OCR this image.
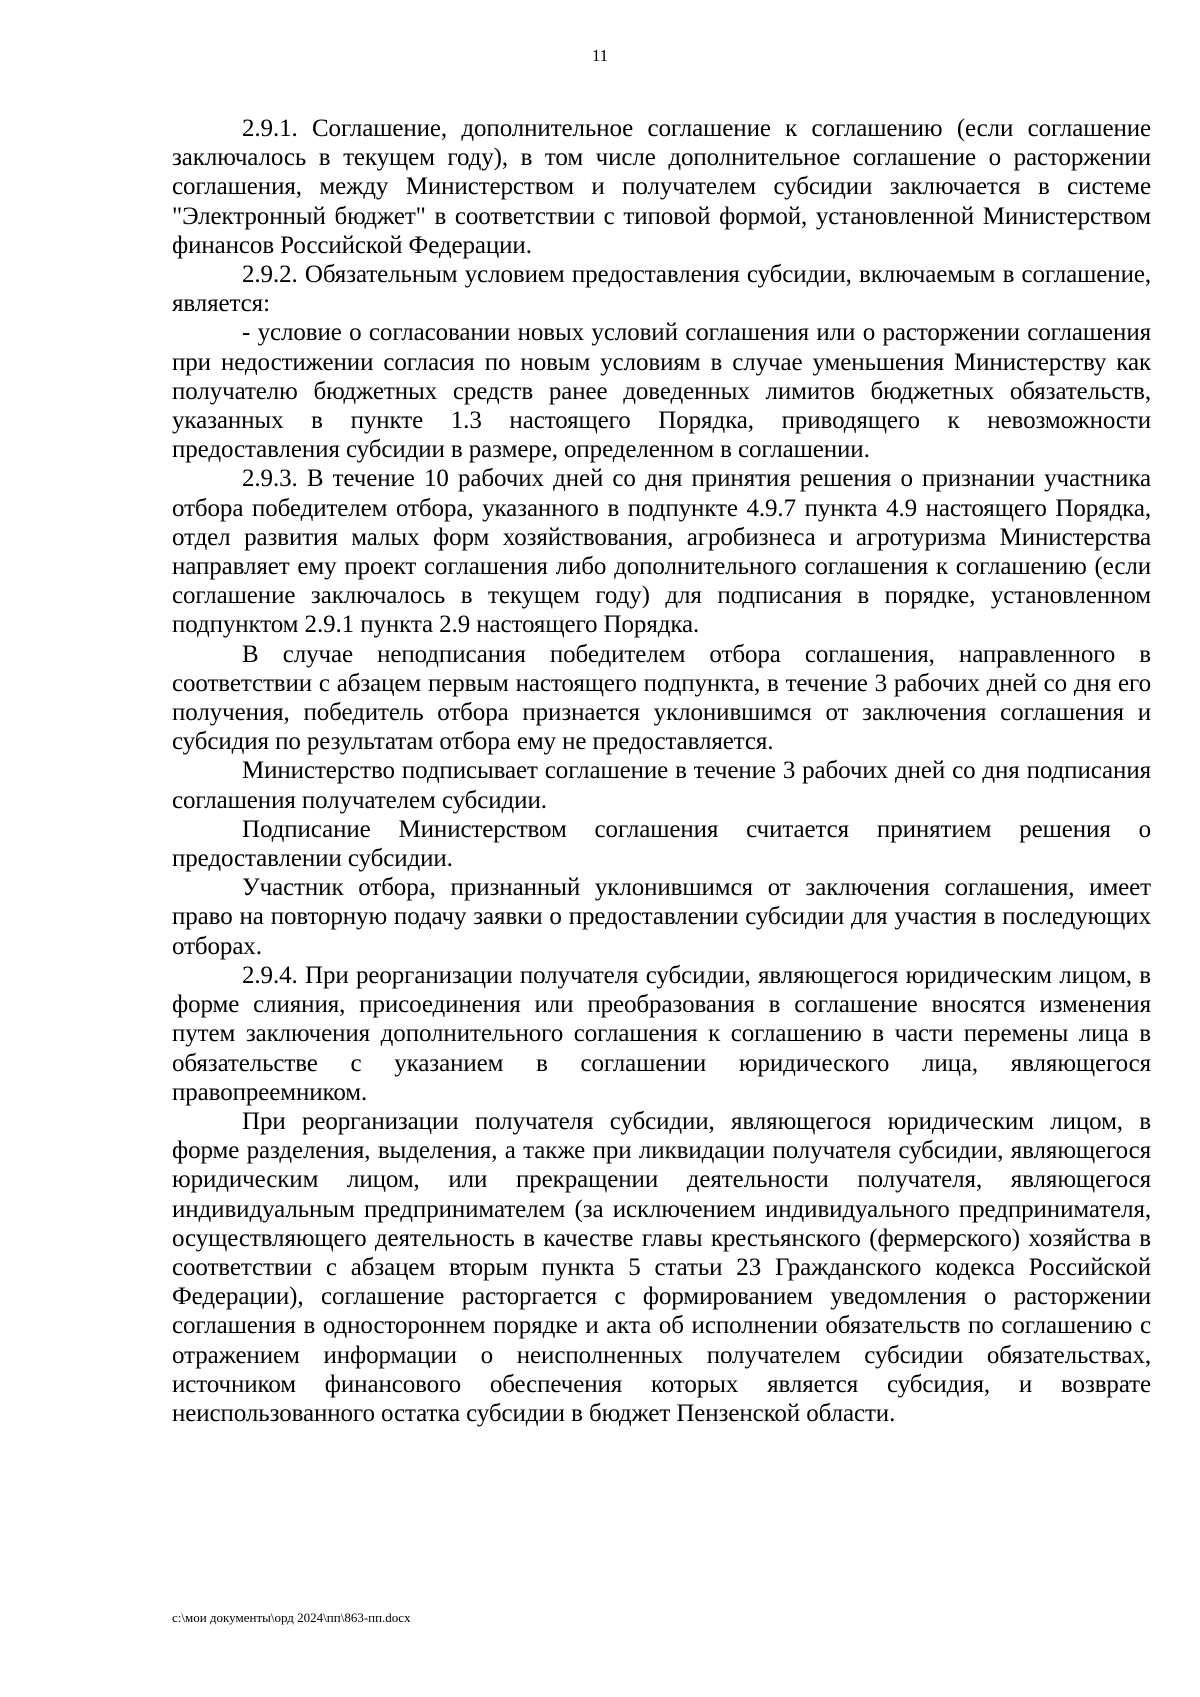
11

2.9.1. Соглашение, дополнительное соглашение к соглашению (если соглашение заключалось в текущем году), в том числе дополнительное соглашение о расторжении соглашения, между Министерством и получателем субсидии заключается в системе "Электронный бюджет" в соответствии с типовой формой, установленной Министерством финансов Российской Федерации.

2.9.2. Обязательным условием предоставления субсидии, включаемым в соглашение, является:

- условие о согласовании новых условий соглашения или о расторжении соглашения при недостижении согласия по новым условиям в случае уменьшения Министерству как получателю бюджетных средств ранее доведенных лимитов бюджетных обязательств, указанных в пункте 1.3 настоящего Порядка, приводящего к невозможности предоставления субсидии в размере, определенном в соглашении.

2.9.3. В течение 10 рабочих дней со дня принятия решения о признании участника отбора победителем отбора, указанного в подпункте 4.9.7 пункта 4.9 настоящего Порядка, отдел развития малых форм хозяйствования, агробизнеса и агротуризма Министерства направляет ему проект соглашения либо дополнительного соглашения к соглашению (если соглашение заключалось в текущем году) для подписания в порядке, установленном подпунктом 2.9.1 пункта 2.9 настоящего Порядка.

В случае неподписания победителем отбора соглашения, направленного в соответствии с абзацем первым настоящего подпункта, в течение 3 рабочих дней со дня его получения, победитель отбора признается уклонившимся от заключения соглашения и субсидия по результатам отбора ему не предоставляется.

Министерство подписывает соглашение в течение 3 рабочих дней со дня подписания соглашения получателем субсидии.

Подписание Министерством соглашения считается принятием решения о предоставлении субсидии.

Участник отбора, признанный уклонившимся от заключения соглашения, имеет право на повторную подачу заявки о предоставлении субсидии для участия в последующих отборах.

2.9.4. При реорганизации получателя субсидии, являющегося юридическим лицом, в форме слияния, присоединения или преобразования в соглашение вносятся изменения путем заключения дополнительного соглашения к соглашению в части перемены лица в обязательстве с указанием в соглашении юридического лица, являющегося правопреемником.

При реорганизации получателя субсидии, являющегося юридическим лицом, в форме разделения, выделения, а также при ликвидации получателя субсидии, являющегося юридическим лицом, или прекращении деятельности получателя, являющегося индивидуальным предпринимателем (за исключением индивидуального предпринимателя, осуществляющего деятельность в качестве главы крестьянского (фермерского) хозяйства в соответствии с абзацем вторым пункта 5 статьи 23 Гражданского кодекса Российской Федерации), соглашение расторгается с формированием уведомления о расторжении соглашения в одностороннем порядке и акта об исполнении обязательств по соглашению с отражением информации о неисполненных получателем субсидии обязательствах, источником финансового обеспечения которых является субсидия, и возврате неиспользованного остатка субсидии в бюджет Пензенской области.

c:\мои документы\орд 2024\пп\863-пп.docx
